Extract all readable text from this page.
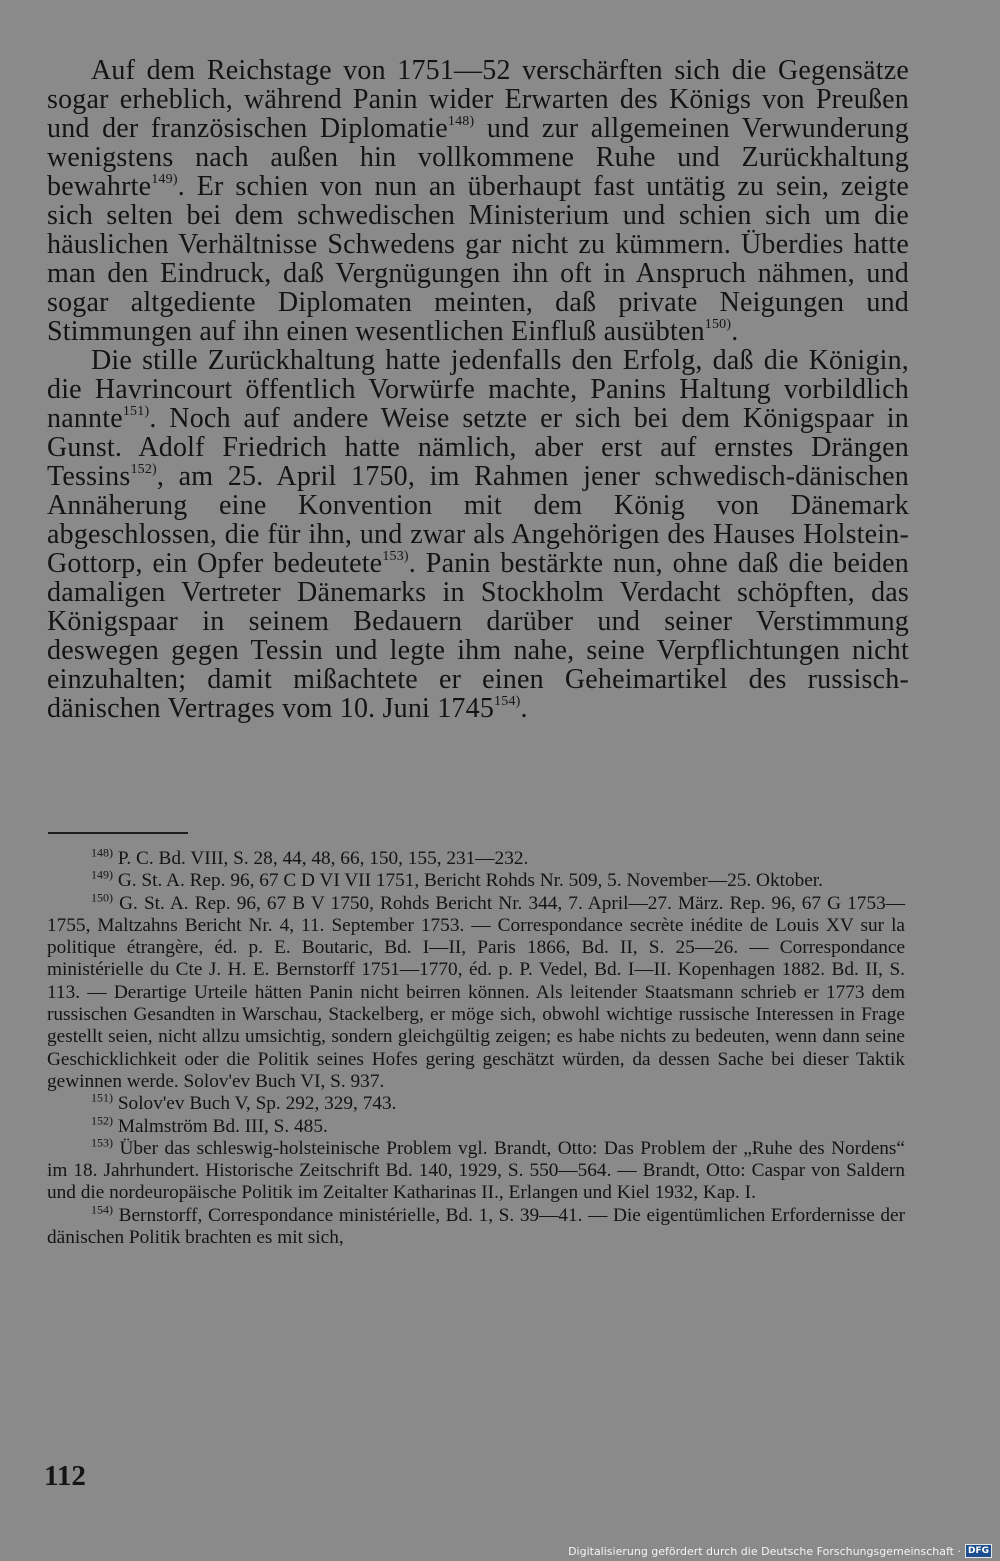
Auf dem Reichstage von 1751—52 verschärften sich die Gegensätze sogar erheblich, während Panin wider Erwarten des Königs von Preußen und der französischen Diplomatie$^{148)}$ und zur allgemeinen Verwunderung wenigstens nach außen hin vollkommene Ruhe und Zurückhaltung bewahrte$^{149)}$. Er schien von nun an überhaupt fast untätig zu sein, zeigte sich selten bei dem schwedischen Ministerium und schien sich um die häuslichen Verhältnisse Schwedens gar nicht zu kümmern. Überdies hatte man den Eindruck, daß Vergnügungen ihn oft in Anspruch nähmen, und sogar altgediente Diplomaten meinten, daß private Neigungen und Stimmungen auf ihn einen wesentlichen Einfluß ausübten$^{150)}$.

Die stille Zurückhaltung hatte jedenfalls den Erfolg, daß die Königin, die Havrincourt öffentlich Vorwürfe machte, Panins Haltung vorbildlich nannte$^{151)}$. Noch auf andere Weise setzte er sich bei dem Königspaar in Gunst. Adolf Friedrich hatte nämlich, aber erst auf ernstes Drängen Tessins$^{152)}$, am 25. April 1750, im Rahmen jener schwedisch-dänischen Annäherung eine Konvention mit dem König von Dänemark abgeschlossen, die für ihn, und zwar als Angehörigen des Hauses Holstein-Gottorp, ein Opfer bedeutete$^{153)}$. Panin bestärkte nun, ohne daß die beiden damaligen Vertreter Dänemarks in Stockholm Verdacht schöpften, das Königspaar in seinem Bedauern darüber und seiner Verstimmung deswegen gegen Tessin und legte ihm nahe, seine Verpflichtungen nicht einzuhalten; damit mißachtete er einen Geheimartikel des russisch-dänischen Vertrages vom 10. Juni 1745$^{154)}$.

$^{148)}$ P. C. Bd. VIII, S. 28, 44, 48, 66, 150, 155, 231—232.

$^{149)}$ G. St. A. Rep. 96, 67 C D VI VII 1751, Bericht Rohds Nr. 509, 5. November—25. Oktober.

$^{150)}$ G. St. A. Rep. 96, 67 B V 1750, Rohds Bericht Nr. 344, 7. April—27. März. Rep. 96, 67 G 1753—1755, Maltzahns Bericht Nr. 4, 11. September 1753. — Correspondance secrète inédite de Louis XV sur la politique étrangère, éd. p. E. Boutaric, Bd. I—II, Paris 1866, Bd. II, S. 25—26. — Correspondance ministérielle du Cte J. H. E. Bernstorff 1751—1770, éd. p. P. Vedel, Bd. I—II. Kopenhagen 1882. Bd. II, S. 113. — Derartige Urteile hätten Panin nicht beirren können. Als leitender Staatsmann schrieb er 1773 dem russischen Gesandten in Warschau, Stackelberg, er möge sich, obwohl wichtige russische Interessen in Frage gestellt seien, nicht allzu umsichtig, sondern gleichgültig zeigen; es habe nichts zu bedeuten, wenn dann seine Geschicklichkeit oder die Politik seines Hofes gering geschätzt würden, da dessen Sache bei dieser Taktik gewinnen werde. Solov'ev Buch VI, S. 937.

$^{151)}$ Solov'ev Buch V, Sp. 292, 329, 743.

$^{152)}$ Malmström Bd. III, S. 485.

$^{153)}$ Über das schleswig-holsteinische Problem vgl. Brandt, Otto: Das Problem der „Ruhe des Nordens“ im 18. Jahrhundert. Historische Zeitschrift Bd. 140, 1929, S. 550—564. — Brandt, Otto: Caspar von Saldern und die nordeuropäische Politik im Zeitalter Katharinas II., Erlangen und Kiel 1932, Kap. I.

$^{154)}$ Bernstorff, Correspondance ministérielle, Bd. 1, S. 39—41. — Die eigentümlichen Erfordernisse der dänischen Politik brachten es mit sich,

112
Digitalisierung gefördert durch die Deutsche Forschungsgemeinschaft · DFG
